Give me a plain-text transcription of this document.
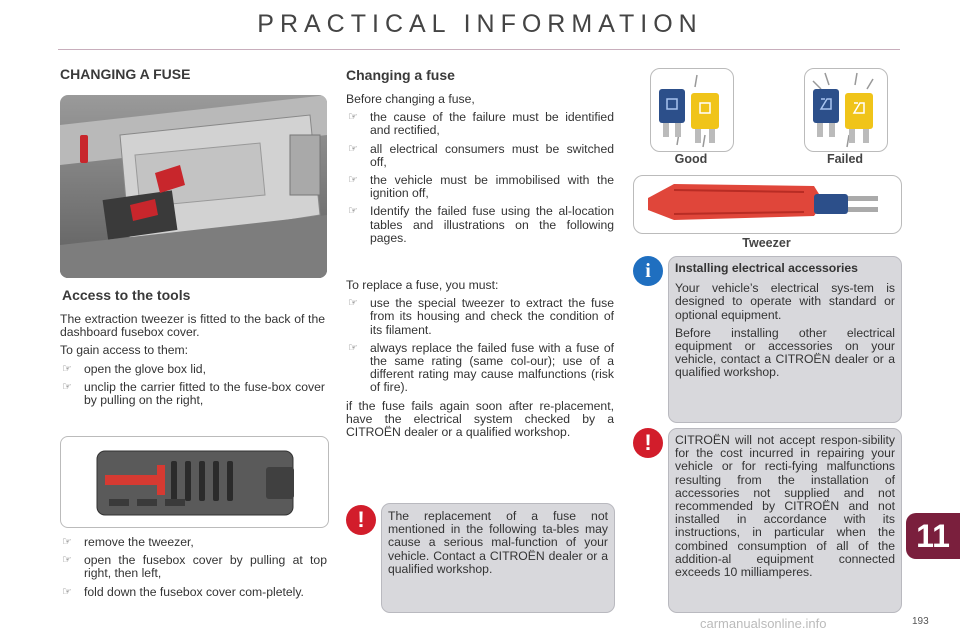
PRACTICAL INFORMATION
CHANGING A FUSE
Access to the tools

The extraction tweezer is fitted to the back of the dashboard fusebox cover.

To gain access to them:

☞ open the glove box lid,
☞ unclip the carrier fitted to the fuse-box cover by pulling on the right,
☞ remove the tweezer,
☞ open the fusebox cover by pulling at top right, then left,
☞ fold down the fusebox cover com-pletely.
Changing a fuse

Before changing a fuse,

☞ the cause of the failure must be identified and rectified,
☞ all electrical consumers must be switched off,
☞ the vehicle must be immobilised with the ignition off,
☞ Identify the failed fuse using the al-location tables and illustrations on the following pages.

To replace a fuse, you must:

☞ use the special tweezer to extract the fuse from its housing and check the condition of its filament.
☞ always replace the failed fuse with a fuse of the same rating (same col-our); use of a different rating may cause malfunctions (risk of fire).

if the fuse fails again soon after re-placement, have the electrical system checked by a CITROËN dealer or a qualified workshop.

!	The replacement of a fuse not mentioned in the following ta-bles may cause a serious mal-function of your vehicle. Contact a CITROËN dealer or a qualified workshop.
Good	Failed
Tweezer
i	Installing electrical accessories

Your vehicle’s electrical sys-tem is designed to operate with standard or optional equipment.

Before installing other electrical equipment or accessories on your vehicle, contact a CITROËN dealer or a qualified workshop.

!	CITROËN will not accept respon-sibility for the cost incurred in repairing your vehicle or for recti-fying malfunctions resulting from the installation of accessories not supplied and not recommended by CITROËN and not installed in accordance with its instructions, in particular when the combined consumption of all of the addition-al equipment connected exceeds 10 milliamperes.
11
193
carmanualsonline.info
